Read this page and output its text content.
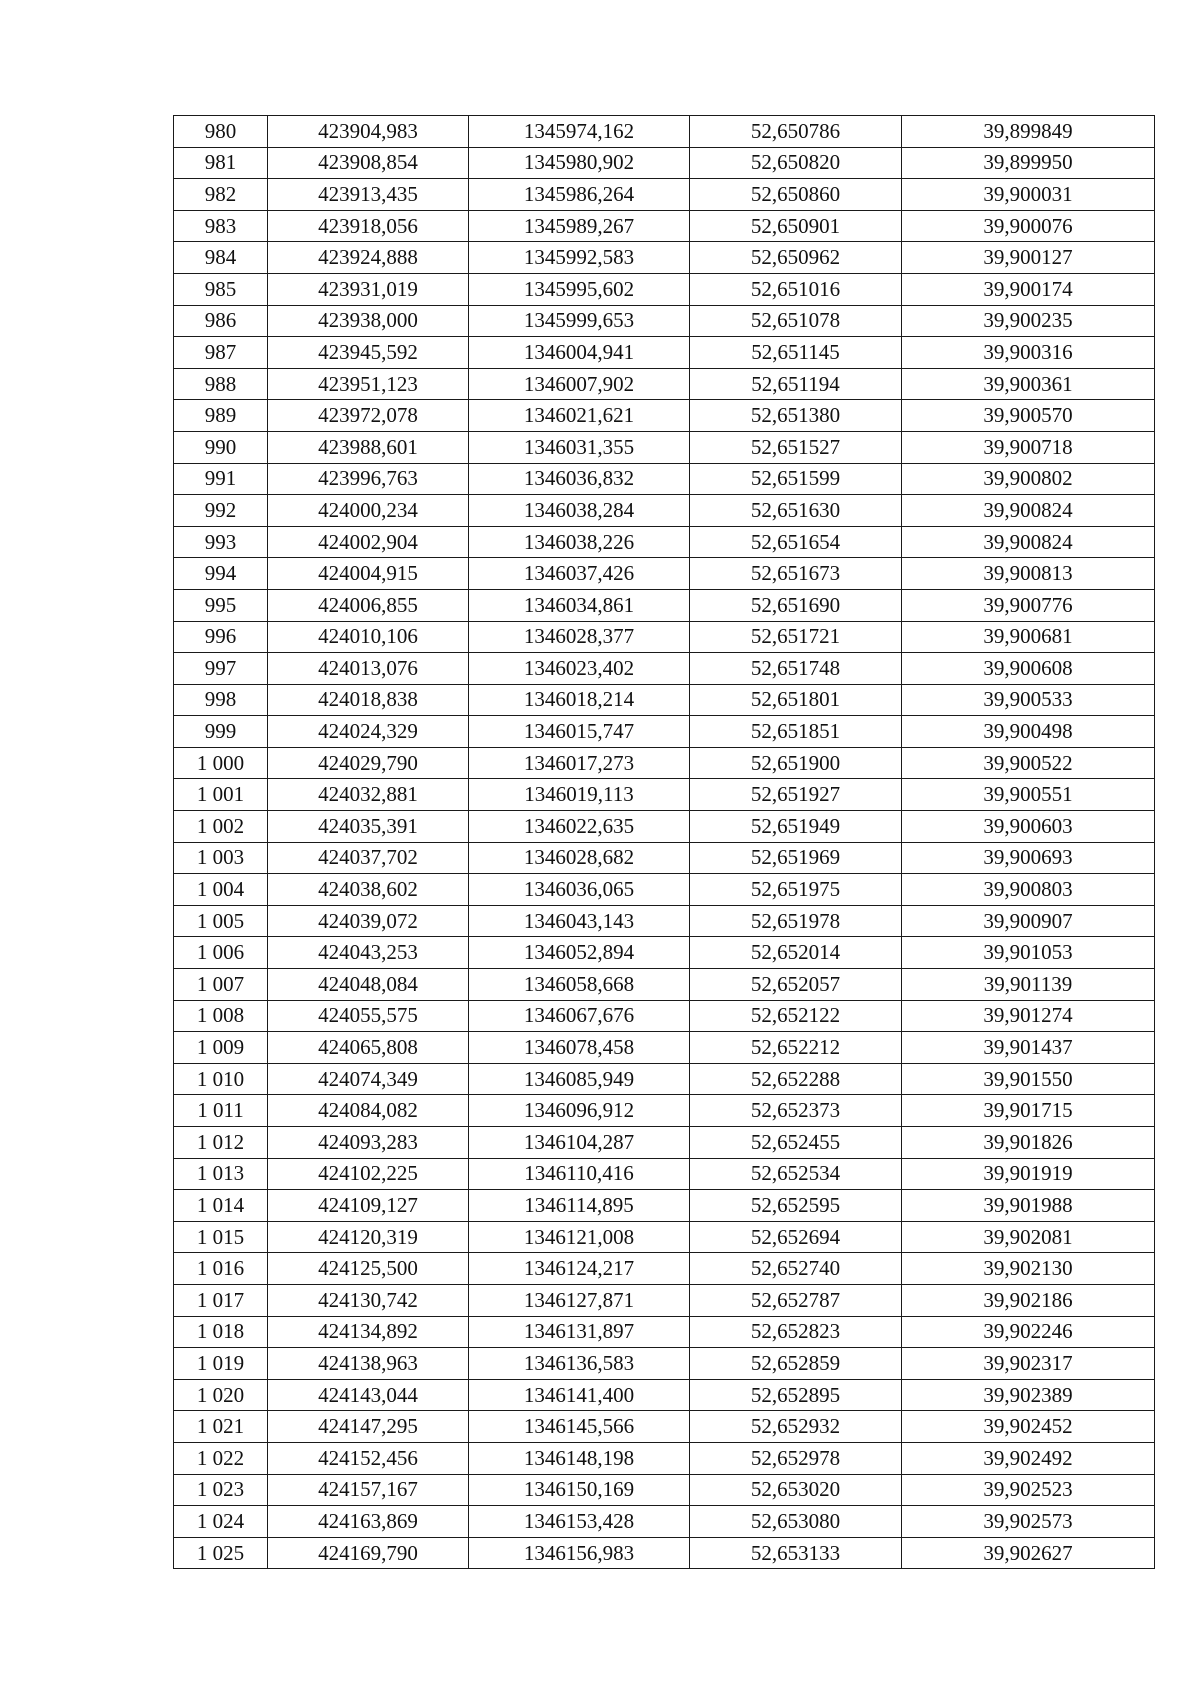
980	423904,983	1345974,162	52,650786	39,899849
981	423908,854	1345980,902	52,650820	39,899950
982	423913,435	1345986,264	52,650860	39,900031
983	423918,056	1345989,267	52,650901	39,900076
984	423924,888	1345992,583	52,650962	39,900127
985	423931,019	1345995,602	52,651016	39,900174
986	423938,000	1345999,653	52,651078	39,900235
987	423945,592	1346004,941	52,651145	39,900316
988	423951,123	1346007,902	52,651194	39,900361
989	423972,078	1346021,621	52,651380	39,900570
990	423988,601	1346031,355	52,651527	39,900718
991	423996,763	1346036,832	52,651599	39,900802
992	424000,234	1346038,284	52,651630	39,900824
993	424002,904	1346038,226	52,651654	39,900824
994	424004,915	1346037,426	52,651673	39,900813
995	424006,855	1346034,861	52,651690	39,900776
996	424010,106	1346028,377	52,651721	39,900681
997	424013,076	1346023,402	52,651748	39,900608
998	424018,838	1346018,214	52,651801	39,900533
999	424024,329	1346015,747	52,651851	39,900498
1 000	424029,790	1346017,273	52,651900	39,900522
1 001	424032,881	1346019,113	52,651927	39,900551
1 002	424035,391	1346022,635	52,651949	39,900603
1 003	424037,702	1346028,682	52,651969	39,900693
1 004	424038,602	1346036,065	52,651975	39,900803
1 005	424039,072	1346043,143	52,651978	39,900907
1 006	424043,253	1346052,894	52,652014	39,901053
1 007	424048,084	1346058,668	52,652057	39,901139
1 008	424055,575	1346067,676	52,652122	39,901274
1 009	424065,808	1346078,458	52,652212	39,901437
1 010	424074,349	1346085,949	52,652288	39,901550
1 011	424084,082	1346096,912	52,652373	39,901715
1 012	424093,283	1346104,287	52,652455	39,901826
1 013	424102,225	1346110,416	52,652534	39,901919
1 014	424109,127	1346114,895	52,652595	39,901988
1 015	424120,319	1346121,008	52,652694	39,902081
1 016	424125,500	1346124,217	52,652740	39,902130
1 017	424130,742	1346127,871	52,652787	39,902186
1 018	424134,892	1346131,897	52,652823	39,902246
1 019	424138,963	1346136,583	52,652859	39,902317
1 020	424143,044	1346141,400	52,652895	39,902389
1 021	424147,295	1346145,566	52,652932	39,902452
1 022	424152,456	1346148,198	52,652978	39,902492
1 023	424157,167	1346150,169	52,653020	39,902523
1 024	424163,869	1346153,428	52,653080	39,902573
1 025	424169,790	1346156,983	52,653133	39,902627
